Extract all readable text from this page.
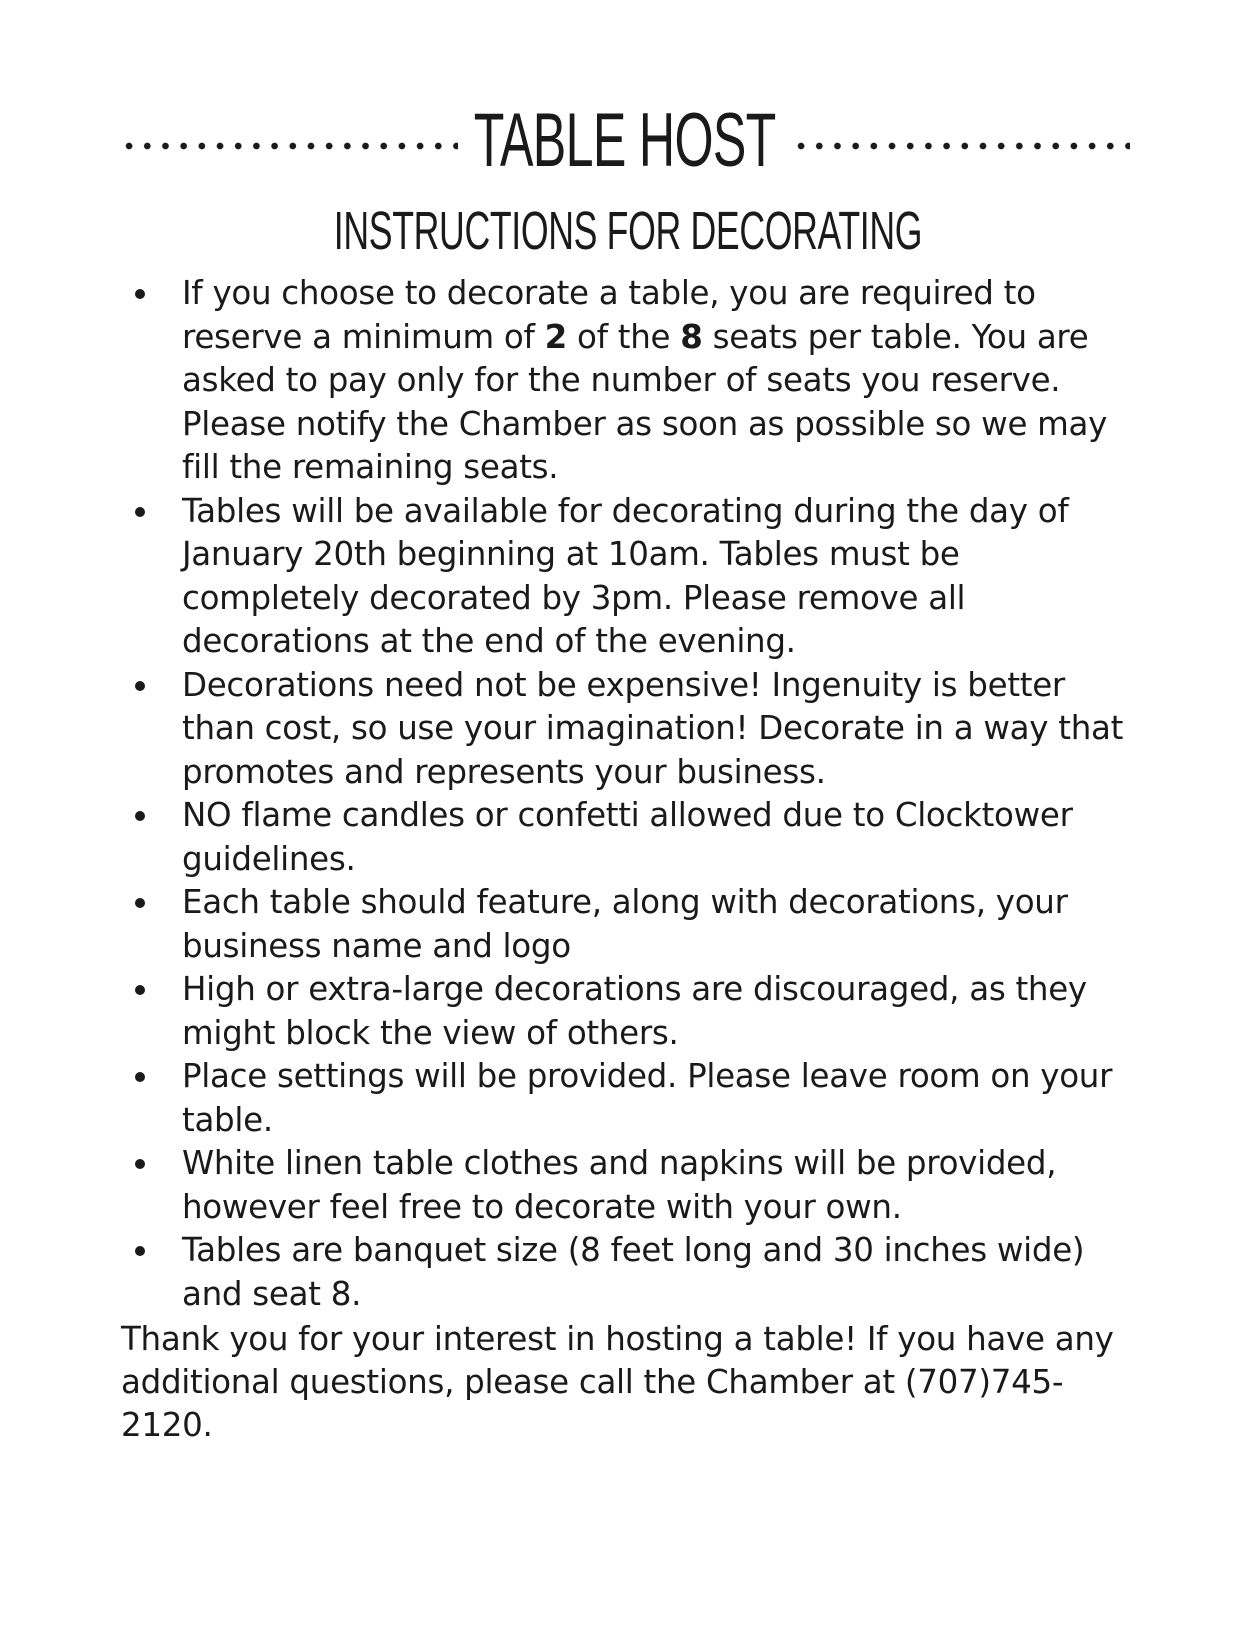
TABLE HOST
INSTRUCTIONS FOR DECORATING
If you choose to decorate a table, you are required to reserve a minimum of 2 of the 8 seats per table. You are asked to pay only for the number of seats you reserve. Please notify the Chamber as soon as possible so we may fill the remaining seats.
Tables will be available for decorating during the day of January 20th beginning at 10am. Tables must be completely decorated by 3pm. Please remove all decorations at the end of the evening.
Decorations need not be expensive! Ingenuity is better than cost, so use your imagination! Decorate in a way that promotes and represents your business.
NO flame candles or confetti allowed due to Clocktower guidelines.
Each table should feature, along with decorations, your business name and logo
High or extra-large decorations are discouraged, as they might block the view of others.
Place settings will be provided. Please leave room on your table.
White linen table clothes and napkins will be provided, however feel free to decorate with your own.
Tables are banquet size (8 feet long and 30 inches wide) and seat 8.

Thank you for your interest in hosting a table! If you have any additional questions, please call the Chamber at (707)745-2120.
